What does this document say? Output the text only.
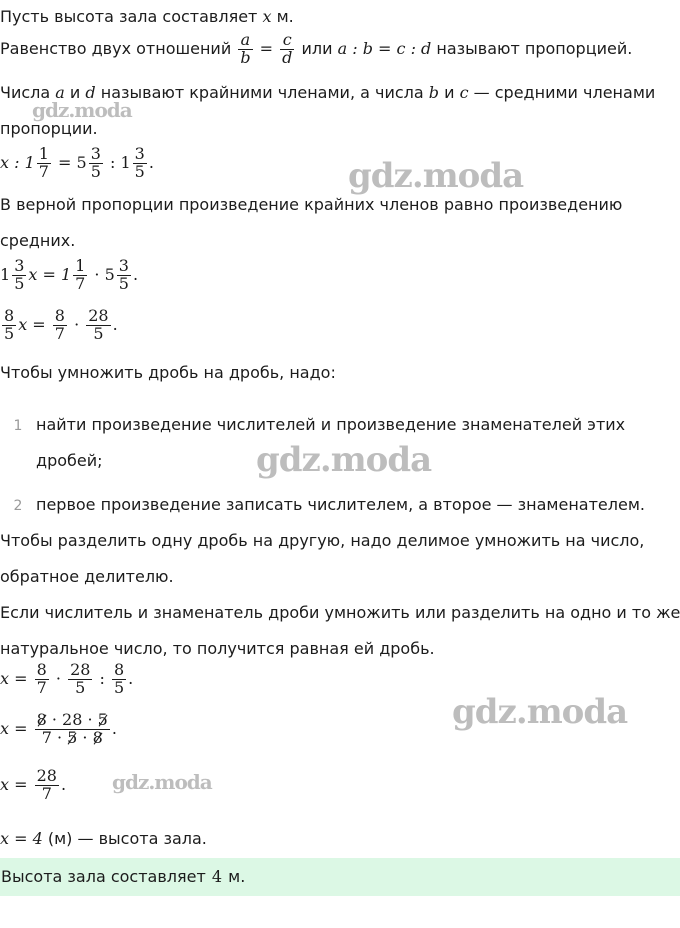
Пусть высота зала составляет x м.
Равенство двух отношений $\frac{a}{b} = \frac{c}{d}$ или a : b = c : d называют пропорцией.
Числа a и d называют крайними членами, а числа b и c — средними членами
пропорции.
x : $1 \frac{1}{7} = 5 \frac{3}{5}$ : $1 \frac{3}{5}$ .
В верной пропорции произведение крайних членов равно произведению
средних.
$1 \frac{3}{5}$ $x = 1 \frac{1}{7} \cdot 5 \frac{3}{5}$ .
$\frac{8}{5}$ $x = \frac{8}{7} \cdot \frac{28}{5}$ .
Чтобы умножить дробь на дробь, надо:
1 найти произведение числителей и произведение знаменателей этих
дробей;
2 первое произведение записать числителем, а второе — знаменателем.
Чтобы разделить одну дробь на другую, надо делимое умножить на число,
обратное делителю.
Если числитель и знаменатель дроби умножить или разделить на одно и то же
натуральное число, то получится равная ей дробь.
$x = \frac{8}{7} \cdot \frac{28}{5}$ : $\frac{8}{5}$ .
$x = \frac{8 \cdot 28 \cdot 5}{7 \cdot 5 \cdot 8}$ .
$x = \frac{28}{7}$ .
x = 4 (м) — высота зала.
Высота зала составляет 4 м.
gdz.moda
gdz.moda
gdz.moda
gdz.moda
gdz.moda
